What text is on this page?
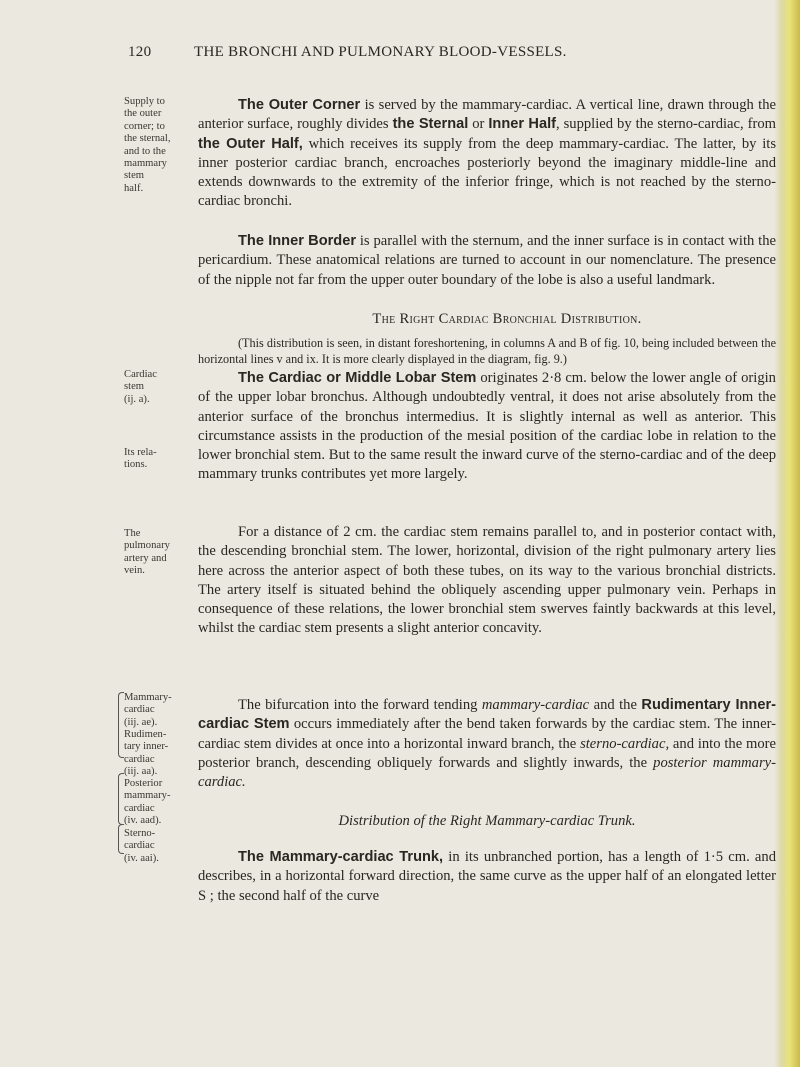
120	THE BRONCHI AND PULMONARY BLOOD-VESSELS.
Supply to
the outer
corner; to
the sternal,
and to the
mammary
stem
half.
Cardiac
stem
(ij. a).
Its rela-
tions.
The
pulmonary
artery and
vein.
Mammary-
cardiac
(iij. ae).
Rudimen-
tary inner-
cardiac
(iij. aa).
Posterior
mammary-
cardiac
(iv. aad).
Sterno-
cardiac
(iv. aai).

The Outer Corner is served by the mammary-cardiac. A vertical line, drawn through the anterior surface, roughly divides the Sternal or Inner Half, supplied by the sterno-cardiac, from the Outer Half, which receives its supply from the deep mammary-cardiac. The latter, by its inner posterior cardiac branch, encroaches posteriorly beyond the imaginary middle-line and extends downwards to the extremity of the inferior fringe, which is not reached by the sterno-cardiac bronchi.

The Inner Border is parallel with the sternum, and the inner surface is in contact with the pericardium. These anatomical relations are turned to account in our nomenclature. The presence of the nipple not far from the upper outer boundary of the lobe is also a useful landmark.

The Right Cardiac Bronchial Distribution.

(This distribution is seen, in distant foreshortening, in columns A and B of fig. 10, being included between the horizontal lines v and ix. It is more clearly displayed in the diagram, fig. 9.)

The Cardiac or Middle Lobar Stem originates 2·8 cm. below the lower angle of origin of the upper lobar bronchus. Although undoubtedly ventral, it does not arise absolutely from the anterior surface of the bronchus intermedius. It is slightly internal as well as anterior. This circumstance assists in the production of the mesial position of the cardiac lobe in relation to the lower bronchial stem. But to the same result the inward curve of the sterno-cardiac and of the deep mammary trunks contributes yet more largely.

For a distance of 2 cm. the cardiac stem remains parallel to, and in posterior contact with, the descending bronchial stem. The lower, horizontal, division of the right pulmonary artery lies here across the anterior aspect of both these tubes, on its way to the various bronchial districts. The artery itself is situated behind the obliquely ascending upper pulmonary vein. Perhaps in consequence of these relations, the lower bronchial stem swerves faintly backwards at this level, whilst the cardiac stem presents a slight anterior concavity.

The bifurcation into the forward tending mammary-cardiac and the Rudimentary Inner-cardiac Stem occurs immediately after the bend taken forwards by the cardiac stem. The inner-cardiac stem divides at once into a horizontal inward branch, the sterno-cardiac, and into the more posterior branch, descending obliquely forwards and slightly inwards, the posterior mammary-cardiac.

Distribution of the Right Mammary-cardiac Trunk.

The Mammary-cardiac Trunk, in its unbranched portion, has a length of 1·5 cm. and describes, in a horizontal forward direction, the same curve as the upper half of an elongated letter S ; the second half of the curve
